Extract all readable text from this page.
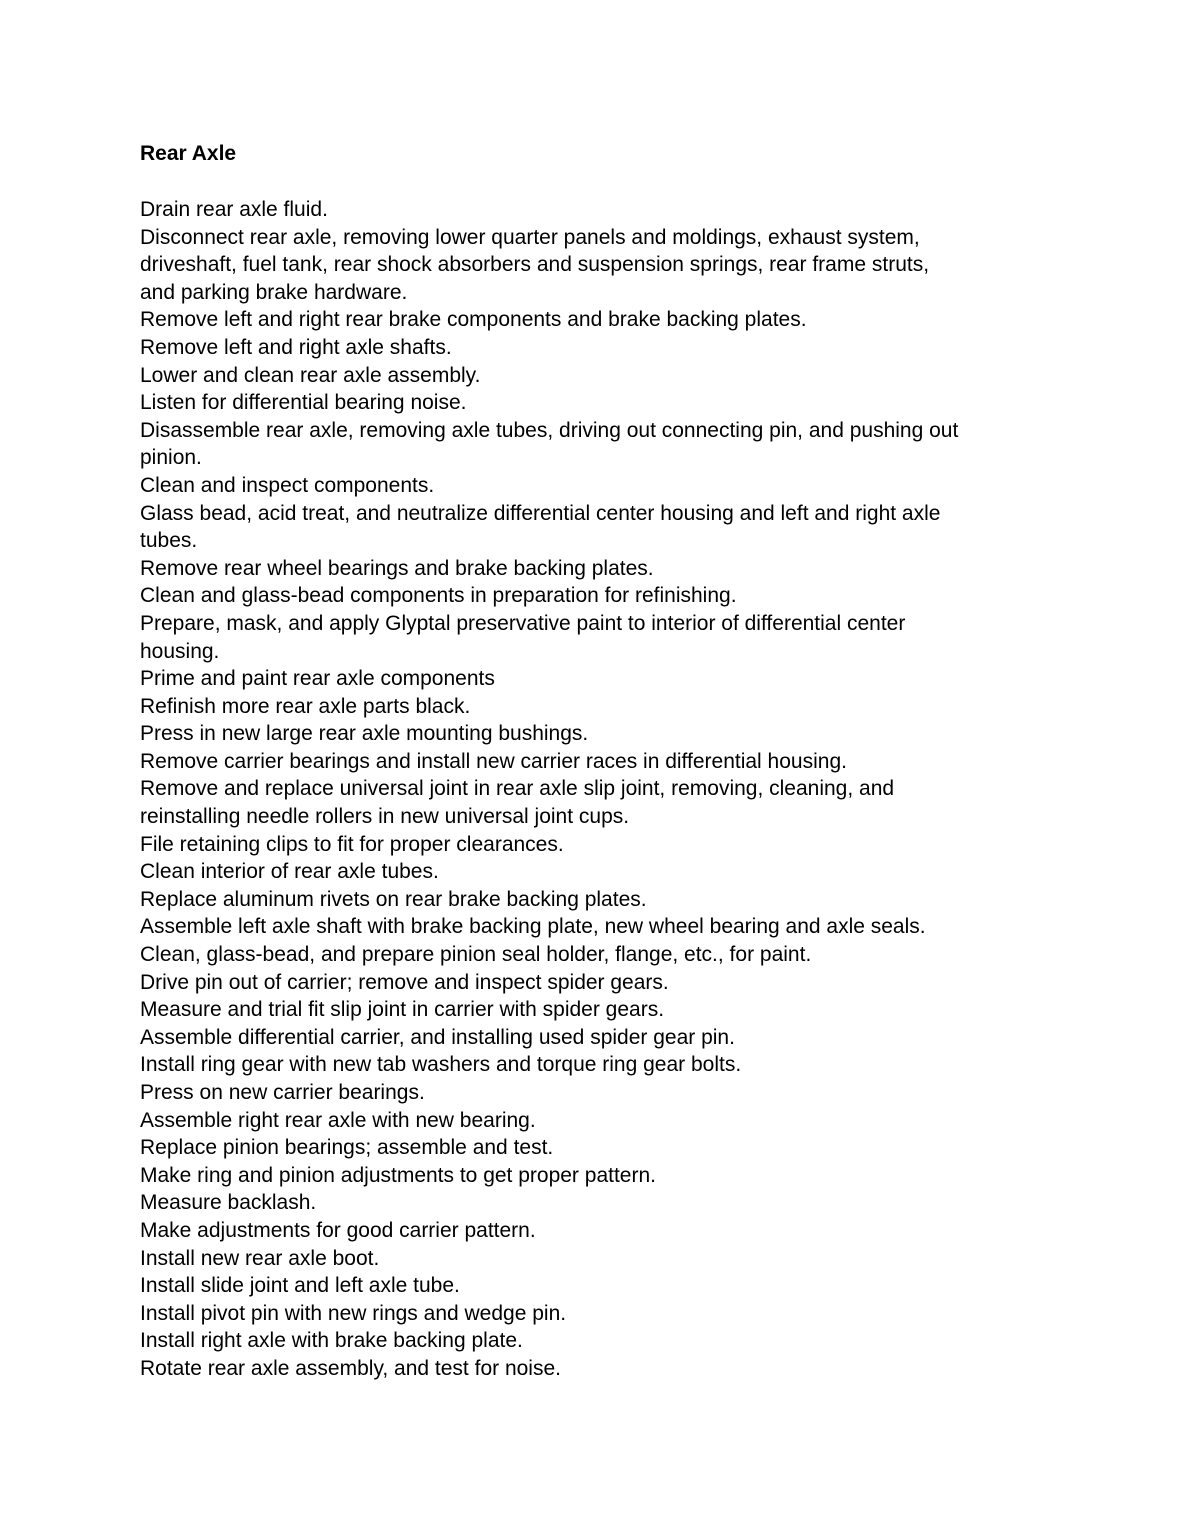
Rear Axle
Drain rear axle fluid.
Disconnect rear axle, removing lower quarter panels and moldings, exhaust system,
driveshaft, fuel tank, rear shock absorbers and suspension springs, rear frame struts,
and parking brake hardware.
Remove left and right rear brake components and brake backing plates.
Remove left and right axle shafts.
Lower and clean rear axle assembly.
Listen for differential bearing noise.
Disassemble rear axle, removing axle tubes, driving out connecting pin, and pushing out
pinion.
Clean and inspect components.
Glass bead, acid treat, and neutralize differential center housing and left and right axle
tubes.
Remove rear wheel bearings and brake backing plates.
Clean and glass-bead components in preparation for refinishing.
Prepare, mask, and apply Glyptal preservative paint to interior of differential center
housing.
Prime and paint rear axle components
Refinish more rear axle parts black.
Press in new large rear axle mounting bushings.
Remove carrier bearings and install new carrier races in differential housing.
Remove and replace universal joint in rear axle slip joint, removing, cleaning, and
reinstalling needle rollers in new universal joint cups.
File retaining clips to fit for proper clearances.
Clean interior of rear axle tubes.
Replace aluminum rivets on rear brake backing plates.
Assemble left axle shaft with brake backing plate, new wheel bearing and axle seals.
Clean, glass-bead, and prepare pinion seal holder, flange, etc., for paint.
Drive pin out of carrier; remove and inspect spider gears.
Measure and trial fit slip joint in carrier with spider gears.
Assemble differential carrier, and installing used spider gear pin.
Install ring gear with new tab washers and torque ring gear bolts.
Press on new carrier bearings.
Assemble right rear axle with new bearing.
Replace pinion bearings; assemble and test.
Make ring and pinion adjustments to get proper pattern.
Measure backlash.
Make adjustments for good carrier pattern.
Install new rear axle boot.
Install slide joint and left axle tube.
Install pivot pin with new rings and wedge pin.
Install right axle with brake backing plate.
Rotate rear axle assembly, and test for noise.
